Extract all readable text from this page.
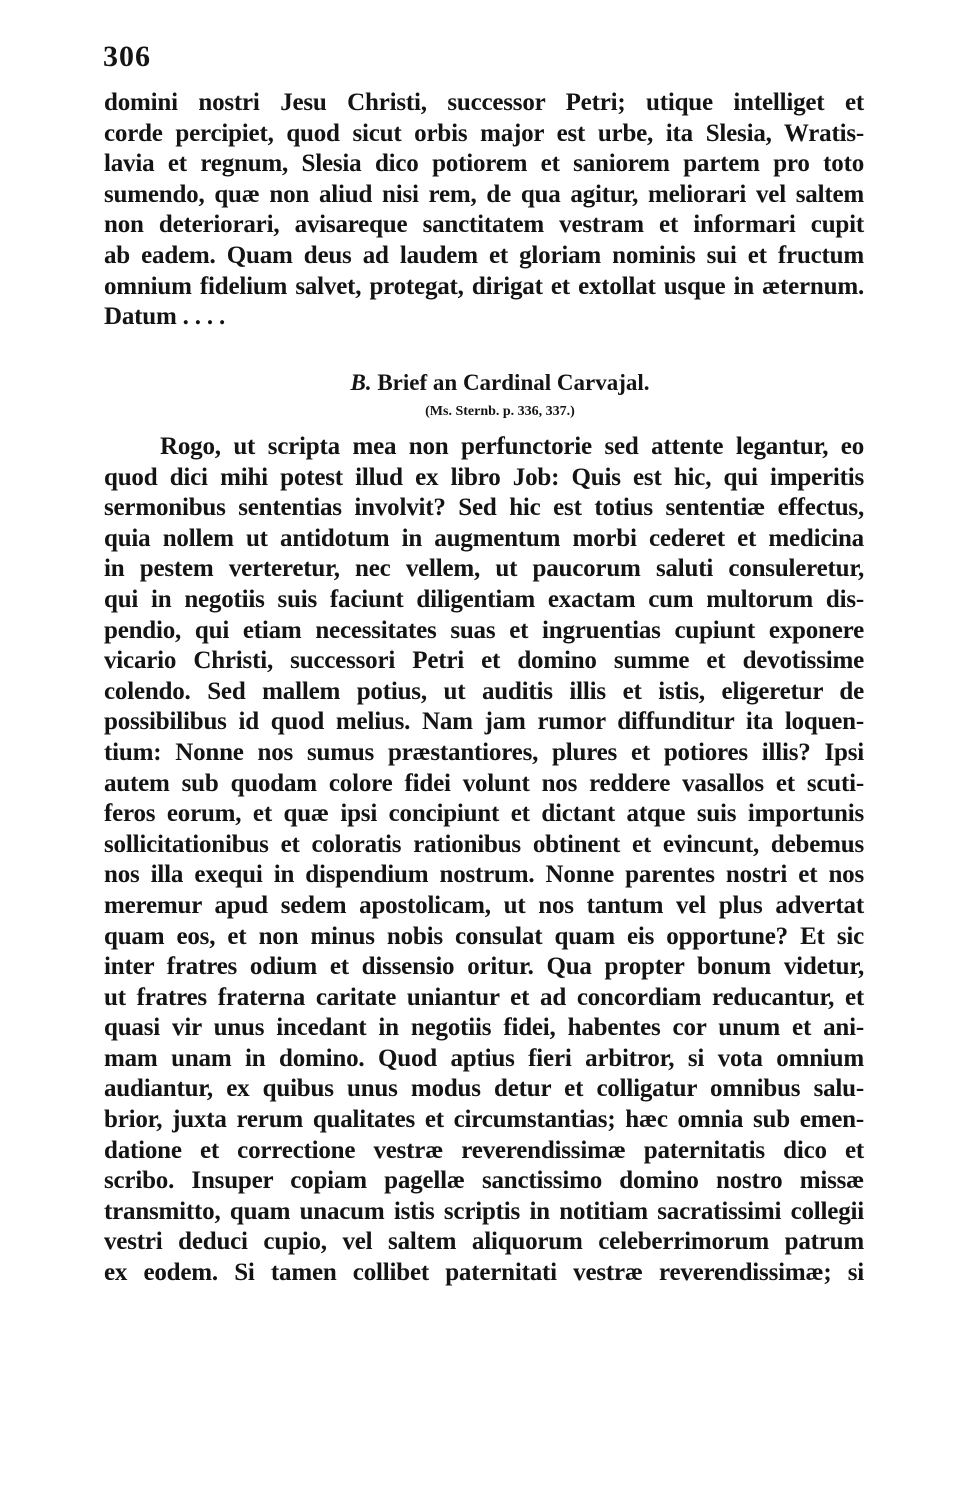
306
domini nostri Jesu Christi, successor Petri; utique intelliget et
corde percipiet, quod sicut orbis major est urbe, ita Slesia, Wratis-
lavia et regnum, Slesia dico potiorem et saniorem partem pro toto
sumendo, quæ non aliud nisi rem, de qua agitur, meliorari vel saltem
non deteriorari, avisareque sanctitatem vestram et informari cupit
ab eadem. Quam deus ad laudem et gloriam nominis sui et fructum
omnium fidelium salvet, protegat, dirigat et extollat usque in æternum.
Datum . . . .
B. Brief an Cardinal Carvajal.
(Ms. Sternb. p. 336, 337.)
Rogo, ut scripta mea non perfunctorie sed attente legantur, eo
quod dici mihi potest illud ex libro Job: Quis est hic, qui imperitis
sermonibus sententias involvit? Sed hic est totius sententiæ effectus,
quia nollem ut antidotum in augmentum morbi cederet et medicina
in pestem verteretur, nec vellem, ut paucorum saluti consuleretur,
qui in negotiis suis faciunt diligentiam exactam cum multorum dis-
pendio, qui etiam necessitates suas et ingruentias cupiunt exponere
vicario Christi, successori Petri et domino summe et devotissime
colendo. Sed mallem potius, ut auditis illis et istis, eligeretur de
possibilibus id quod melius. Nam jam rumor diffunditur ita loquen-
tium: Nonne nos sumus præstantiores, plures et potiores illis? Ipsi
autem sub quodam colore fidei volunt nos reddere vasallos et scuti-
feros eorum, et quæ ipsi concipiunt et dictant atque suis importunis
sollicitationibus et coloratis rationibus obtinent et evincunt, debemus
nos illa exequi in dispendium nostrum. Nonne parentes nostri et nos
meremur apud sedem apostolicam, ut nos tantum vel plus advertat
quam eos, et non minus nobis consulat quam eis opportune? Et sic
inter fratres odium et dissensio oritur. Qua propter bonum videtur,
ut fratres fraterna caritate uniantur et ad concordiam reducantur, et
quasi vir unus incedant in negotiis fidei, habentes cor unum et ani-
mam unam in domino. Quod aptius fieri arbitror, si vota omnium
audiantur, ex quibus unus modus detur et colligatur omnibus salu-
brior, juxta rerum qualitates et circumstantias; hæc omnia sub emen-
datione et correctione vestræ reverendissimæ paternitatis dico et
scribo. Insuper copiam pagellæ sanctissimo domino nostro missæ
transmitto, quam unacum istis scriptis in notitiam sacratissimi collegii
vestri deduci cupio, vel saltem aliquorum celeberrimorum patrum
ex eodem. Si tamen collibet paternitati vestræ reverendissimæ; si
